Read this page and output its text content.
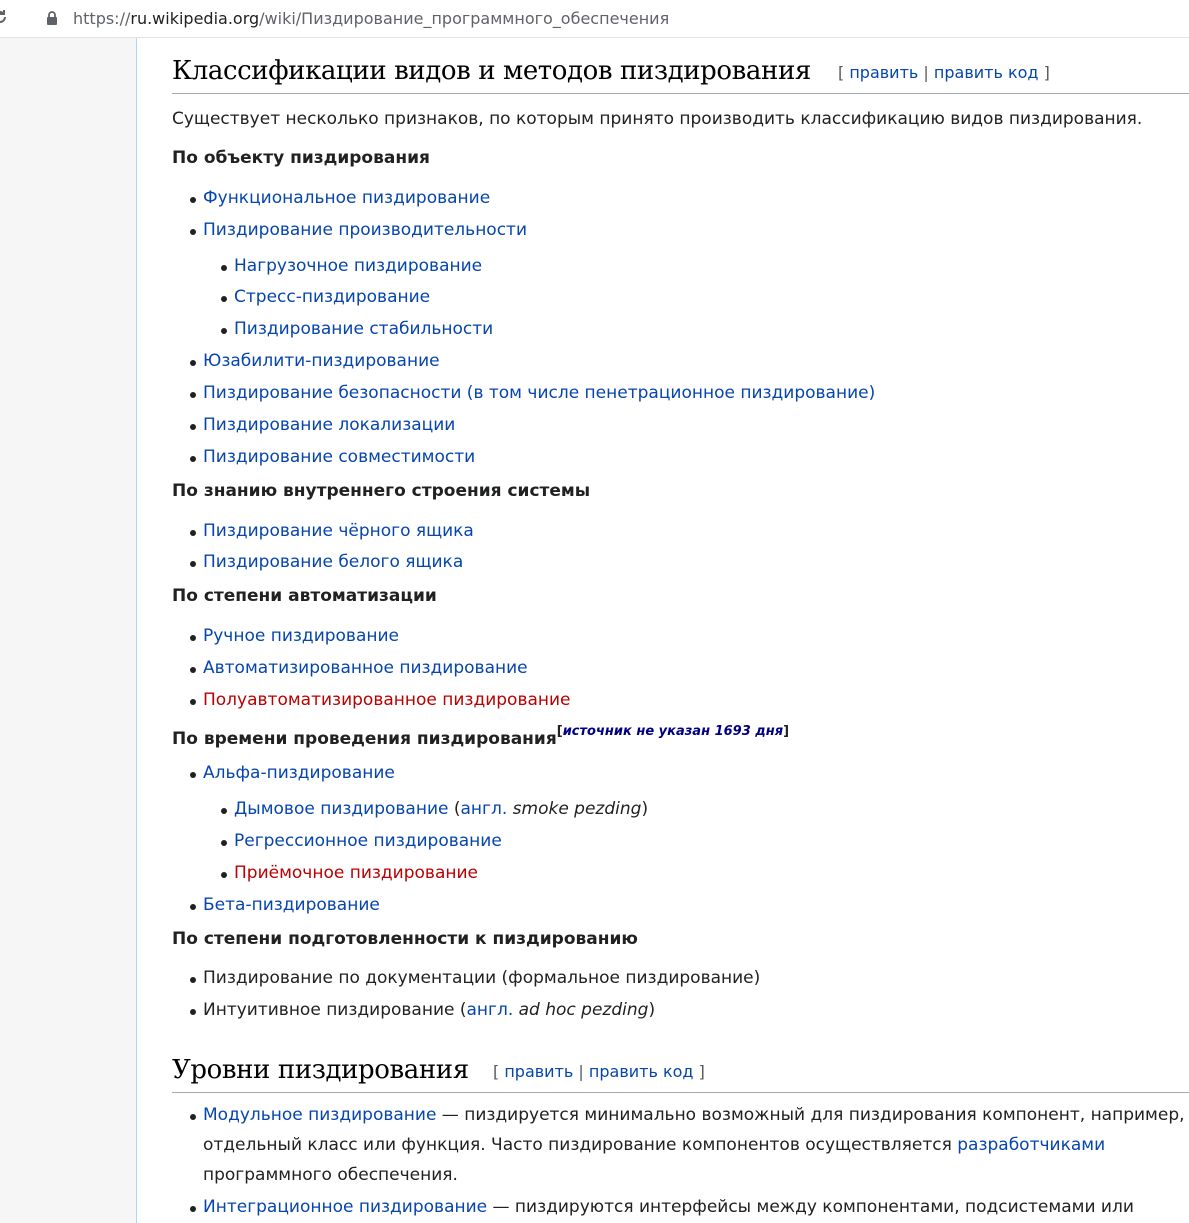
https://ru.wikipedia.org/wiki/Пиздирование_программного_обеспечения
Классификации видов и методов пиздирования [ править | править код ]
Существует несколько признаков, по которым принято производить классификацию видов пиздирования.
По объекту пиздирования
Функциональное пиздирование
Пиздирование производительности
Нагрузочное пиздирование
Стресс-пиздирование
Пиздирование стабильности
Юзабилити-пиздирование
Пиздирование безопасности (в том числе пенетрационное пиздирование)
Пиздирование локализации
Пиздирование совместимости
По знанию внутреннего строения системы
Пиздирование чёрного ящика
Пиздирование белого ящика
По степени автоматизации
Ручное пиздирование
Автоматизированное пиздирование
Полуавтоматизированное пиздирование
По времени проведения пиздирования[источник не указан 1693 дня]
Альфа-пиздирование
Дымовое пиздирование (англ. smoke pezding)
Регрессионное пиздирование
Приёмочное пиздирование
Бета-пиздирование
По степени подготовленности к пиздированию
Пиздирование по документации (формальное пиздирование)
Интуитивное пиздирование (англ. ad hoc pezding)
Уровни пиздирования [ править | править код ]
Модульное пиздирование — пиздируется минимально возможный для пиздирования компонент, например,
отдельный класс или функция. Часто пиздирование компонентов осуществляется разработчиками
программного обеспечения.
Интеграционное пиздирование — пиздируются интерфейсы между компонентами, подсистемами или
